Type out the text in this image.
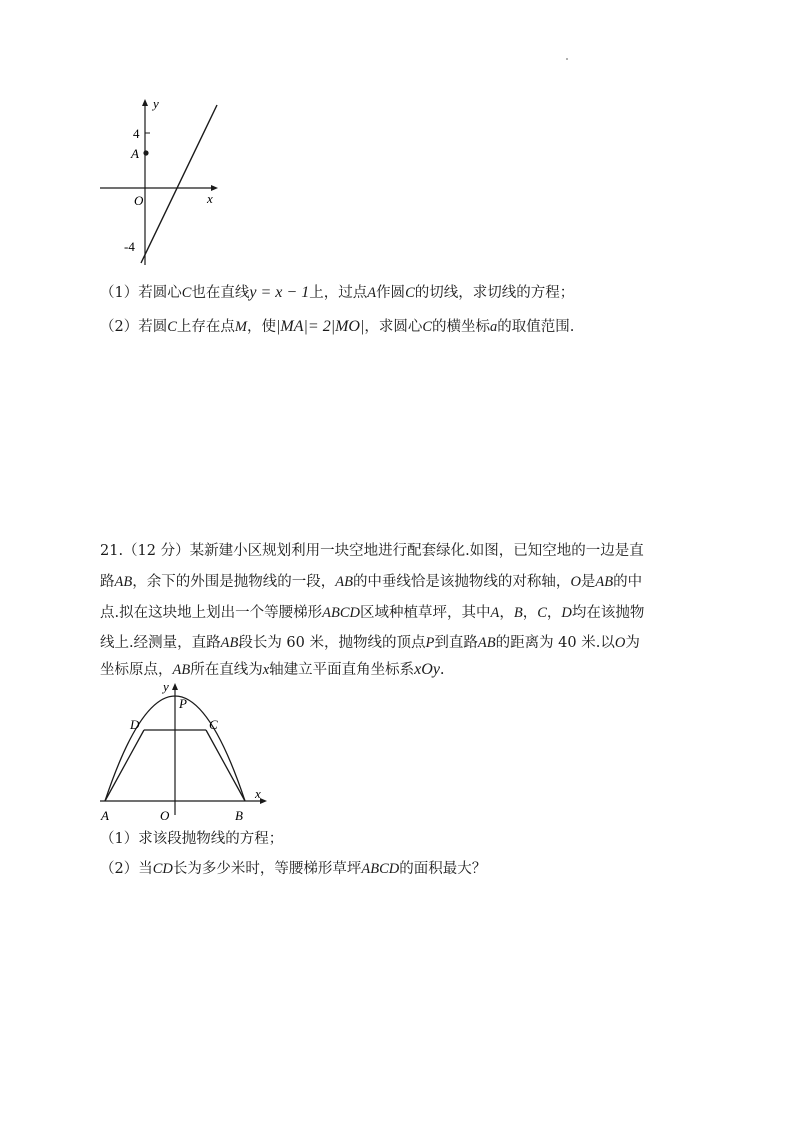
y
4
A
O	x
-4
（1）若圆心C也在直线y = x − 1上，过点A作圆C的切线，求切线的方程；
（2）若圆C上存在点M，使|MA|= 2|MO|，求圆心C的横坐标a的取值范围.
21.（12 分）某新建小区规划利用一块空地进行配套绿化.如图，已知空地的一边是直
路AB，余下的外围是抛物线的一段，AB的中垂线恰是该抛物线的对称轴，O是AB的中
点.拟在这块地上划出一个等腰梯形ABCD区域种植草坪，其中A，B，C，D均在该抛物
线上.经测量，直路AB段长为 60 米，抛物线的顶点P到直路AB的距离为 40 米.以O为
坐标原点，AB所在直线为x轴建立平面直角坐标系xOy.
y
P
D	C
A	O	B
x
（1）求该段抛物线的方程；
（2）当CD长为多少米时，等腰梯形草坪ABCD的面积最大？
